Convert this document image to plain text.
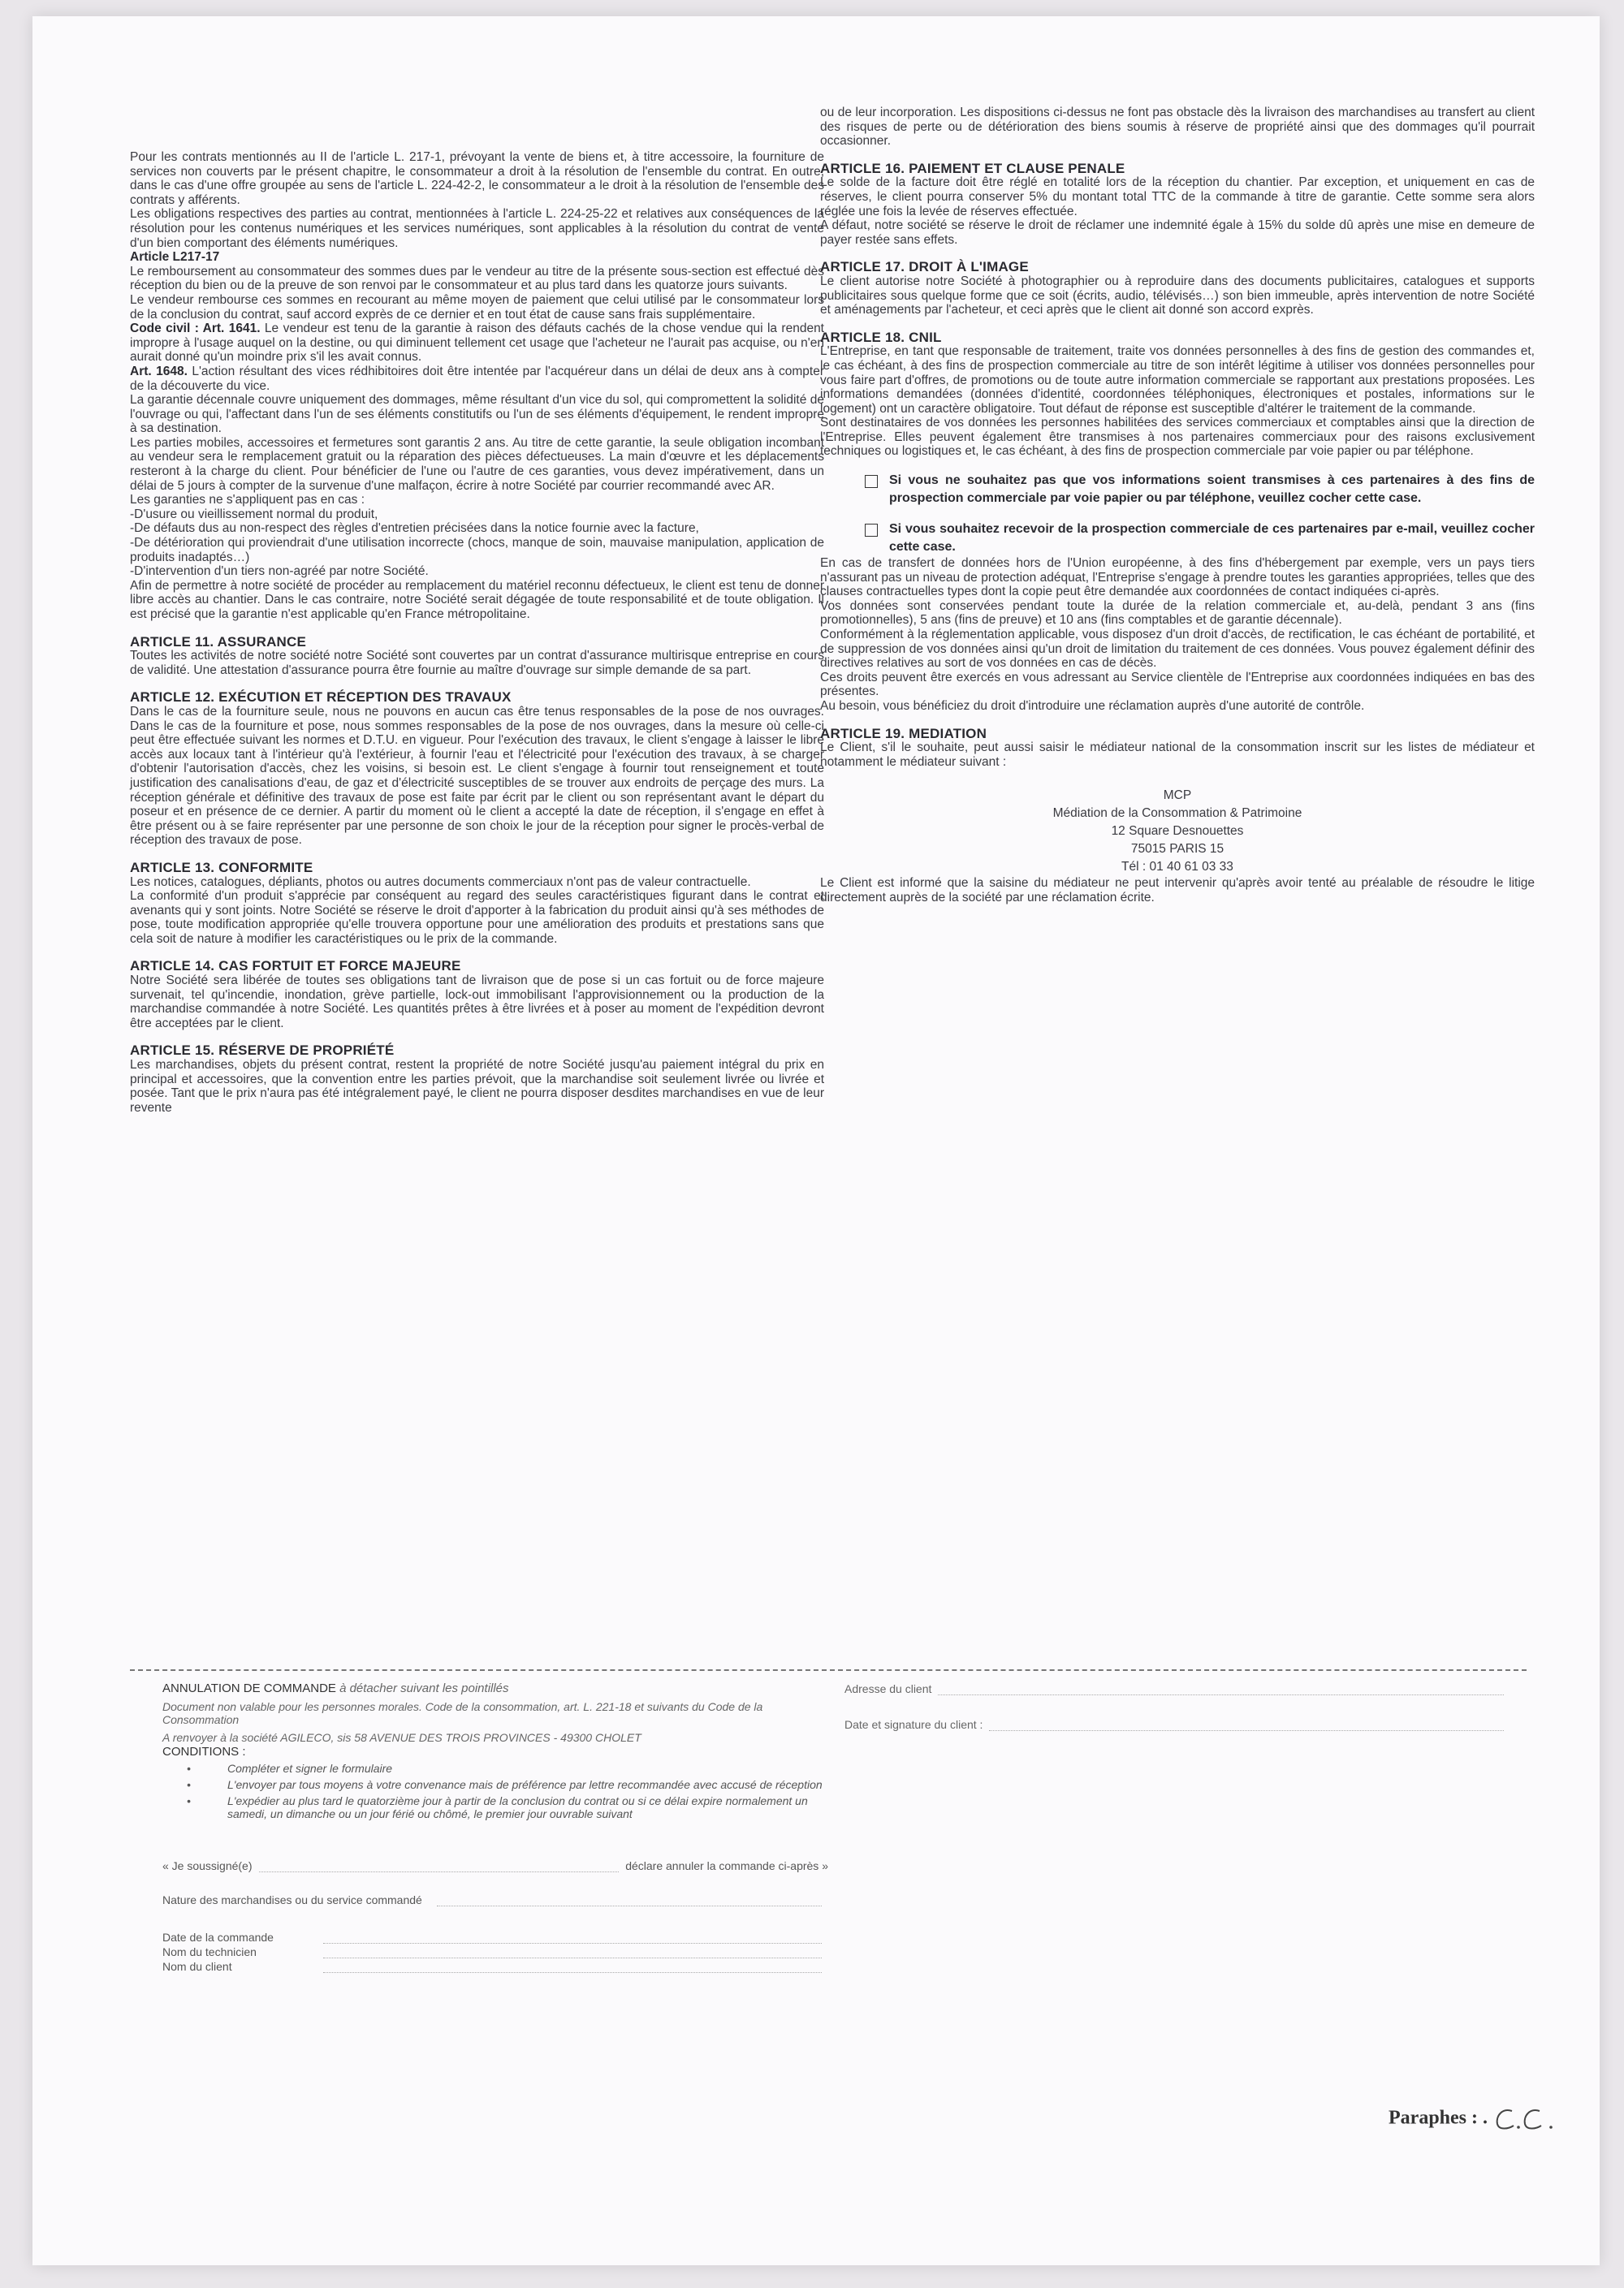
Pour les contrats mentionnés au II de l'article L. 217-1, prévoyant la vente de biens et, à titre accessoire, la fourniture de services non couverts par le présent chapitre, le consommateur a droit à la résolution de l'ensemble du contrat. En outre, dans le cas d'une offre groupée au sens de l'article L. 224-42-2, le consommateur a le droit à la résolution de l'ensemble des contrats y afférents.

Les obligations respectives des parties au contrat, mentionnées à l'article L. 224-25-22 et relatives aux conséquences de la résolution pour les contenus numériques et les services numériques, sont applicables à la résolution du contrat de vente d'un bien comportant des éléments numériques.

Article L217-17

Le remboursement au consommateur des sommes dues par le vendeur au titre de la présente sous-section est effectué dès réception du bien ou de la preuve de son renvoi par le consommateur et au plus tard dans les quatorze jours suivants.

Le vendeur rembourse ces sommes en recourant au même moyen de paiement que celui utilisé par le consommateur lors de la conclusion du contrat, sauf accord exprès de ce dernier et en tout état de cause sans frais supplémentaire.

Code civil : Art. 1641. Le vendeur est tenu de la garantie à raison des défauts cachés de la chose vendue qui la rendent impropre à l'usage auquel on la destine, ou qui diminuent tellement cet usage que l'acheteur ne l'aurait pas acquise, ou n'en aurait donné qu'un moindre prix s'il les avait connus.

Art. 1648. L'action résultant des vices rédhibitoires doit être intentée par l'acquéreur dans un délai de deux ans à compter de la découverte du vice.

La garantie décennale couvre uniquement des dommages, même résultant d'un vice du sol, qui compromettent la solidité de l'ouvrage ou qui, l'affectant dans l'un de ses éléments constitutifs ou l'un de ses éléments d'équipement, le rendent impropre à sa destination.

Les parties mobiles, accessoires et fermetures sont garantis 2 ans. Au titre de cette garantie, la seule obligation incombant au vendeur sera le remplacement gratuit ou la réparation des pièces défectueuses. La main d'œuvre et les déplacements resteront à la charge du client. Pour bénéficier de l'une ou l'autre de ces garanties, vous devez impérativement, dans un délai de 5 jours à compter de la survenue d'une malfaçon, écrire à notre Société par courrier recommandé avec AR.

Les garanties ne s'appliquent pas en cas :

-D'usure ou vieillissement normal du produit,

-De défauts dus au non-respect des règles d'entretien précisées dans la notice fournie avec la facture,

-De détérioration qui proviendrait d'une utilisation incorrecte (chocs, manque de soin, mauvaise manipulation, application de produits inadaptés…)

-D'intervention d'un tiers non-agréé par notre Société.

Afin de permettre à notre société de procéder au remplacement du matériel reconnu défectueux, le client est tenu de donner libre accès au chantier. Dans le cas contraire, notre Société serait dégagée de toute responsabilité et de toute obligation. Il est précisé que la garantie n'est applicable qu'en France métropolitaine.

ARTICLE 11. ASSURANCE

Toutes les activités de notre société notre Société sont couvertes par un contrat d'assurance multirisque entreprise en cours de validité. Une attestation d'assurance pourra être fournie au maître d'ouvrage sur simple demande de sa part.

ARTICLE 12. EXÉCUTION ET RÉCEPTION DES TRAVAUX

Dans le cas de la fourniture seule, nous ne pouvons en aucun cas être tenus responsables de la pose de nos ouvrages. Dans le cas de la fourniture et pose, nous sommes responsables de la pose de nos ouvrages, dans la mesure où celle-ci peut être effectuée suivant les normes et D.T.U. en vigueur. Pour l'exécution des travaux, le client s'engage à laisser le libre accès aux locaux tant à l'intérieur qu'à l'extérieur, à fournir l'eau et l'électricité pour l'exécution des travaux, à se charger d'obtenir l'autorisation d'accès, chez les voisins, si besoin est. Le client s'engage à fournir tout renseignement et toute justification des canalisations d'eau, de gaz et d'électricité susceptibles de se trouver aux endroits de perçage des murs. La réception générale et définitive des travaux de pose est faite par écrit par le client ou son représentant avant le départ du poseur et en présence de ce dernier. A partir du moment où le client a accepté la date de réception, il s'engage en effet à être présent ou à se faire représenter par une personne de son choix le jour de la réception pour signer le procès-verbal de réception des travaux de pose.

ARTICLE 13. CONFORMITE

Les notices, catalogues, dépliants, photos ou autres documents commerciaux n'ont pas de valeur contractuelle.

La conformité d'un produit s'apprécie par conséquent au regard des seules caractéristiques figurant dans le contrat et avenants qui y sont joints. Notre Société se réserve le droit d'apporter à la fabrication du produit ainsi qu'à ses méthodes de pose, toute modification appropriée qu'elle trouvera opportune pour une amélioration des produits et prestations sans que cela soit de nature à modifier les caractéristiques ou le prix de la commande.

ARTICLE 14. CAS FORTUIT ET FORCE MAJEURE

Notre Société sera libérée de toutes ses obligations tant de livraison que de pose si un cas fortuit ou de force majeure survenait, tel qu'incendie, inondation, grève partielle, lock-out immobilisant l'approvisionnement ou la production de la marchandise commandée à notre Société. Les quantités prêtes à être livrées et à poser au moment de l'expédition devront être acceptées par le client.

ARTICLE 15. RÉSERVE DE PROPRIÉTÉ

Les marchandises, objets du présent contrat, restent la propriété de notre Société jusqu'au paiement intégral du prix en principal et accessoires, que la convention entre les parties prévoit, que la marchandise soit seulement livrée ou livrée et posée. Tant que le prix n'aura pas été intégralement payé, le client ne pourra disposer desdites marchandises en vue de leur revente

ou de leur incorporation. Les dispositions ci-dessus ne font pas obstacle dès la livraison des marchandises au transfert au client des risques de perte ou de détérioration des biens soumis à réserve de propriété ainsi que des dommages qu'il pourrait occasionner.

ARTICLE 16. PAIEMENT ET CLAUSE PENALE

Le solde de la facture doit être réglé en totalité lors de la réception du chantier. Par exception, et uniquement en cas de réserves, le client pourra conserver 5% du montant total TTC de la commande à titre de garantie. Cette somme sera alors réglée une fois la levée de réserves effectuée.

A défaut, notre société se réserve le droit de réclamer une indemnité égale à 15% du solde dû après une mise en demeure de payer restée sans effets.

ARTICLE 17. DROIT À L'IMAGE

Le client autorise notre Société à photographier ou à reproduire dans des documents publicitaires, catalogues et supports publicitaires sous quelque forme que ce soit (écrits, audio, télévisés…) son bien immeuble, après intervention de notre Société et aménagements par l'acheteur, et ceci après que le client ait donné son accord exprès.

ARTICLE 18. CNIL

L'Entreprise, en tant que responsable de traitement, traite vos données personnelles à des fins de gestion des commandes et, le cas échéant, à des fins de prospection commerciale au titre de son intérêt légitime à utiliser vos données personnelles pour vous faire part d'offres, de promotions ou de toute autre information commerciale se rapportant aux prestations proposées. Les informations demandées (données d'identité, coordonnées téléphoniques, électroniques et postales, informations sur le logement) ont un caractère obligatoire. Tout défaut de réponse est susceptible d'altérer le traitement de la commande.

Sont destinataires de vos données les personnes habilitées des services commerciaux et comptables ainsi que la direction de l'Entreprise. Elles peuvent également être transmises à nos partenaires commerciaux pour des raisons exclusivement techniques ou logistiques et, le cas échéant, à des fins de prospection commerciale par voie papier ou par téléphone.

Si vous ne souhaitez pas que vos informations soient transmises à ces partenaires à des fins de prospection commerciale par voie papier ou par téléphone, veuillez cocher cette case.
Si vous souhaitez recevoir de la prospection commerciale de ces partenaires par e-mail, veuillez cocher cette case.

En cas de transfert de données hors de l'Union européenne, à des fins d'hébergement par exemple, vers un pays tiers n'assurant pas un niveau de protection adéquat, l'Entreprise s'engage à prendre toutes les garanties appropriées, telles que des clauses contractuelles types dont la copie peut être demandée aux coordonnées de contact indiquées ci-après.

Vos données sont conservées pendant toute la durée de la relation commerciale et, au-delà, pendant 3 ans (fins promotionnelles), 5 ans (fins de preuve) et 10 ans (fins comptables et de garantie décennale).

Conformément à la réglementation applicable, vous disposez d'un droit d'accès, de rectification, le cas échéant de portabilité, et de suppression de vos données ainsi qu'un droit de limitation du traitement de ces données. Vous pouvez également définir des directives relatives au sort de vos données en cas de décès.

Ces droits peuvent être exercés en vous adressant au Service clientèle de l'Entreprise aux coordonnées indiquées en bas des présentes.

Au besoin, vous bénéficiez du droit d'introduire une réclamation auprès d'une autorité de contrôle.

ARTICLE 19. MEDIATION

Le Client, s'il le souhaite, peut aussi saisir le médiateur national de la consommation inscrit sur les listes de médiateur et notamment le médiateur suivant :

MCP
Médiation de la Consommation & Patrimoine
12 Square Desnouettes
75015 PARIS 15
Tél : 01 40 61 03 33

Le Client est informé que la saisine du médiateur ne peut intervenir qu'après avoir tenté au préalable de résoudre le litige directement auprès de la société par une réclamation écrite.

ANNULATION DE COMMANDE à détacher suivant les pointillés
Document non valable pour les personnes morales. Code de la consommation, art. L. 221-18 et suivants du Code de la Consommation
A renvoyer à la société AGILECO, sis 58 AVENUE DES TROIS PROVINCES - 49300 CHOLET
CONDITIONS :
• Compléter et signer le formulaire
• L'envoyer par tous moyens à votre convenance mais de préférence par lettre recommandée avec accusé de réception
• L'expédier au plus tard le quatorzième jour à partir de la conclusion du contrat ou si ce délai expire normalement un samedi, un dimanche ou un jour férié ou chômé, le premier jour ouvrable suivant
« Je soussigné(e)	déclare annuler la commande ci-après »
Nature des marchandises ou du service commandé
Date de la commande
Nom du technicien
Nom du client
Adresse du client
Date et signature du client :
Paraphes : .
